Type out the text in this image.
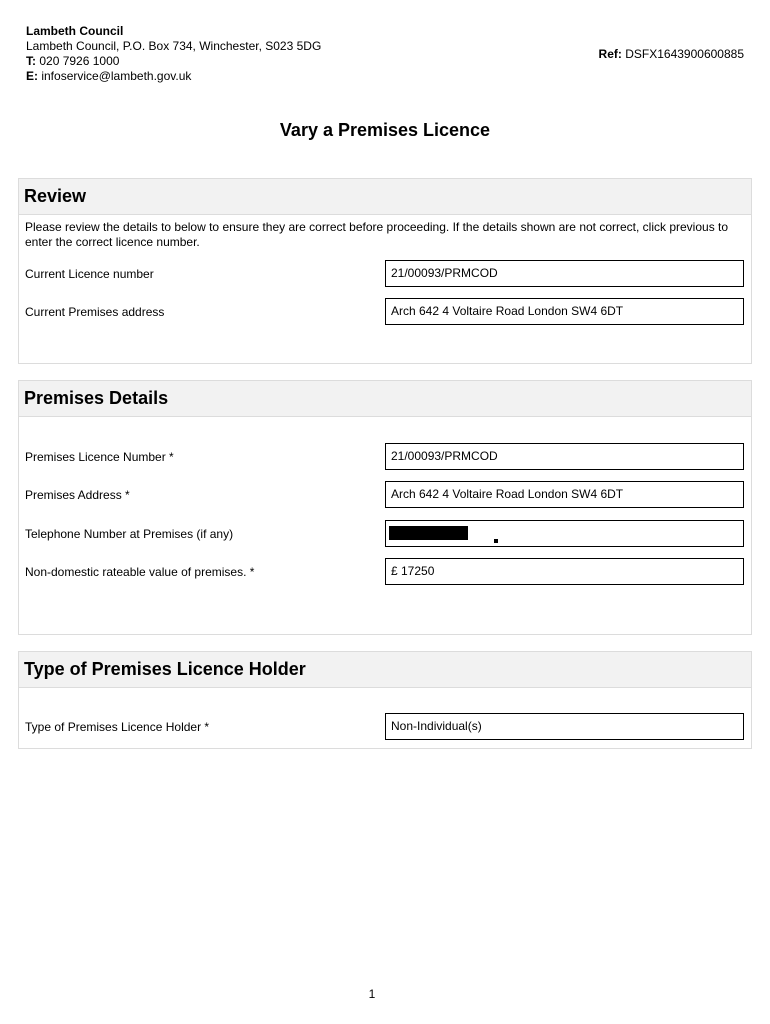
Lambeth Council
Lambeth Council, P.O. Box 734, Winchester, S023 5DG
T: 020 7926 1000
E: infoservice@lambeth.gov.uk
Ref: DSFX1643900600885
Vary a Premises Licence
Review
Please review the details to below to ensure they are correct before proceeding. If the details shown are not correct, click previous to enter the correct licence number.
Current Licence number	21/00093/PRMCOD
Current Premises address	Arch 642 4 Voltaire Road London SW4 6DT
Premises Details
Premises Licence Number *	21/00093/PRMCOD
Premises Address *	Arch 642 4 Voltaire Road London SW4 6DT
Telephone Number at Premises (if any)
Non-domestic rateable value of premises. *	£ 17250
Type of Premises Licence Holder
Type of Premises Licence Holder *	Non-Individual(s)
1
